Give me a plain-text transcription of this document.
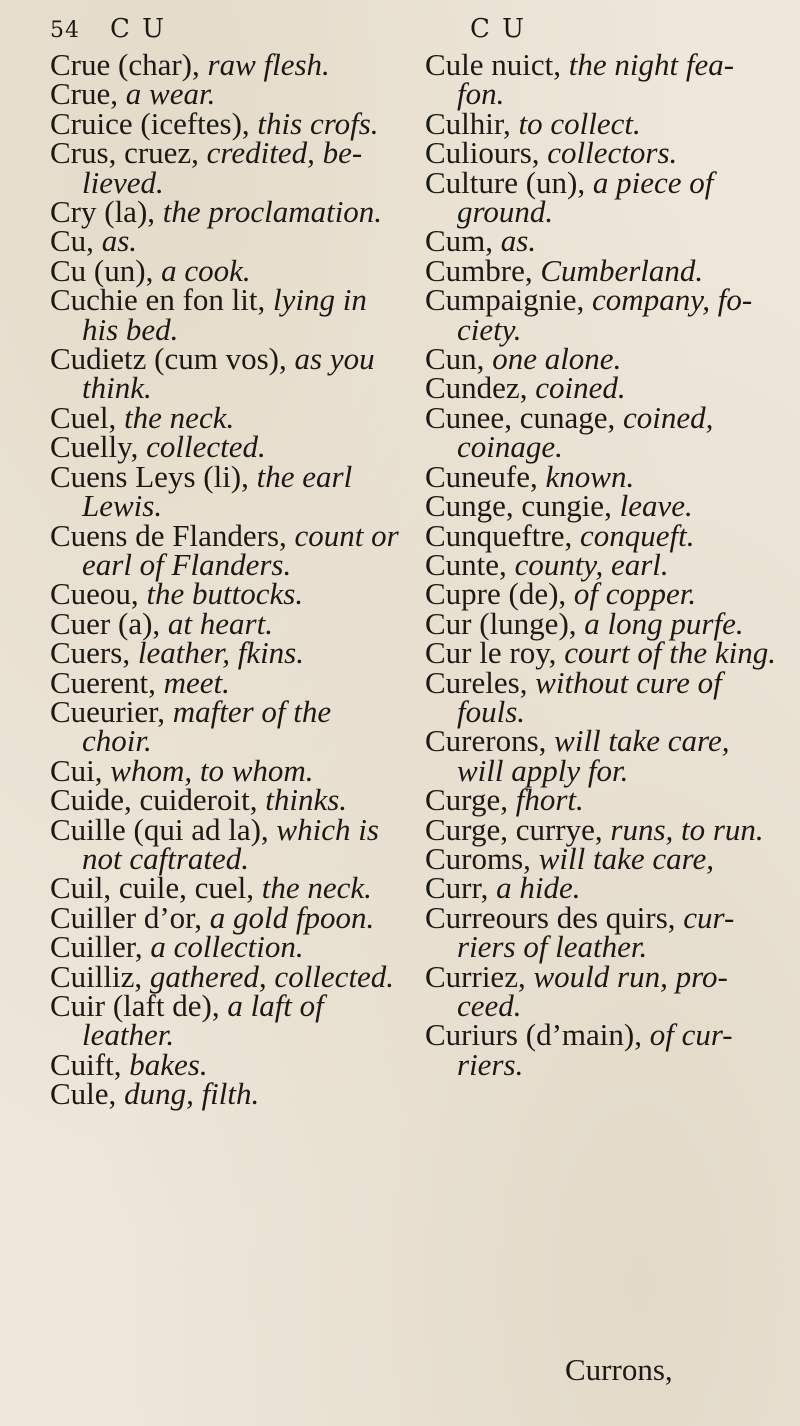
54 C U	C U

Crue (char), raw flesh.

Crue, a wear.

Cruice (iceftes), this crofs.

Crus, cruez, credited, be- lieved.

Cry (la), the proclamation.

Cu, as.

Cu (un), a cook.

Cuchie en fon lit, lying in his bed.

Cudietz (cum vos), as you think.

Cuel, the neck.

Cuelly, collected.

Cuens Leys (li), the earl Lewis.

Cuens de Flanders, count or earl of Flanders.

Cueou, the buttocks.

Cuer (a), at heart.

Cuers, leather, fkins.

Cuerent, meet.

Cueurier, mafter of the choir.

Cui, whom, to whom.

Cuide, cuideroit, thinks.

Cuille (qui ad la), which is not caftrated.

Cuil, cuile, cuel, the neck.

Cuiller d’or, a gold fpoon.

Cuiller, a collection.

Cuilliz, gathered, collected.

Cuir (laft de), a laft of leather.

Cuift, bakes.

Cule, dung, filth.

Cule nuict, the night fea- fon.

Culhir, to collect.

Culiours, collectors.

Culture (un), a piece of ground.

Cum, as.

Cumbre, Cumberland.

Cumpaignie, company, fo- ciety.

Cun, one alone.

Cundez, coined.

Cunee, cunage, coined, coinage.

Cuneufe, known.

Cunge, cungie, leave.

Cunqueftre, conqueft.

Cunte, county, earl.

Cupre (de), of copper.

Cur (lunge), a long purfe.

Cur le roy, court of the king.

Cureles, without cure of fouls.

Curerons, will take care, will apply for.

Curge, fhort.

Curge, currye, runs, to run.

Curoms, will take care,

Curr, a hide.

Curreours des quirs, cur- riers of leather.

Curriez, would run, pro- ceed.

Curiurs (d’main), of cur- riers.

Currons,
